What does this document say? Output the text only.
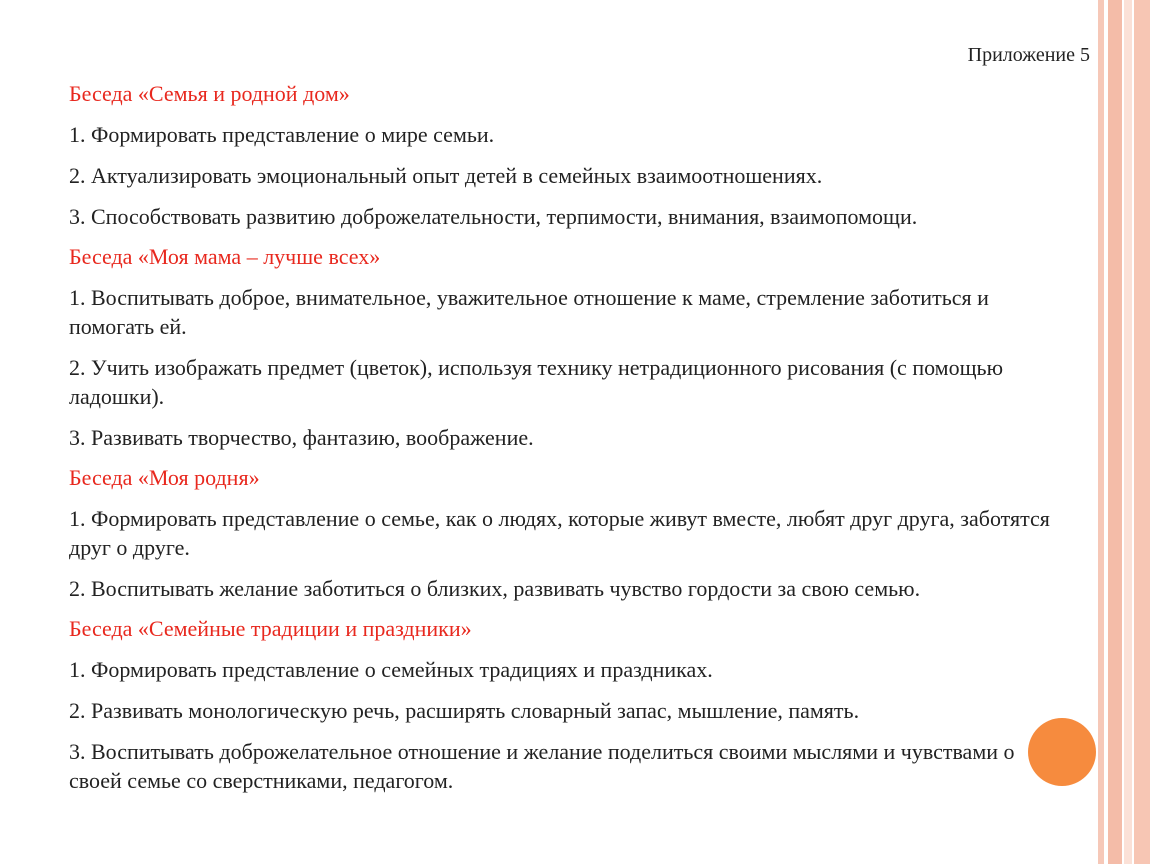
Приложение 5

Беседа «Семья и родной дом»

1. Формировать представление о мире семьи.

2. Актуализировать эмоциональный опыт детей в семейных взаимоотношениях.

3. Способствовать развитию доброжелательности, терпимости, внимания, взаимопомощи.

Беседа «Моя мама – лучше всех»

1. Воспитывать доброе, внимательное, уважительное отношение к маме, стремление заботиться и помогать ей.

2. Учить изображать предмет (цветок), используя технику нетрадиционного рисования (с помощью ладошки).

3. Развивать творчество, фантазию, воображение.

Беседа «Моя родня»

1. Формировать представление о семье, как о людях, которые живут вместе, любят друг друга, заботятся друг о друге.

2. Воспитывать желание заботиться о близких, развивать чувство гордости за свою семью.

Беседа «Семейные традиции и праздники»

1. Формировать представление о семейных традициях и праздниках.

2. Развивать монологическую речь, расширять словарный запас, мышление, память.

3. Воспитывать доброжелательное отношение и желание поделиться своими мыслями и чувствами о своей семье со сверстниками, педагогом.
